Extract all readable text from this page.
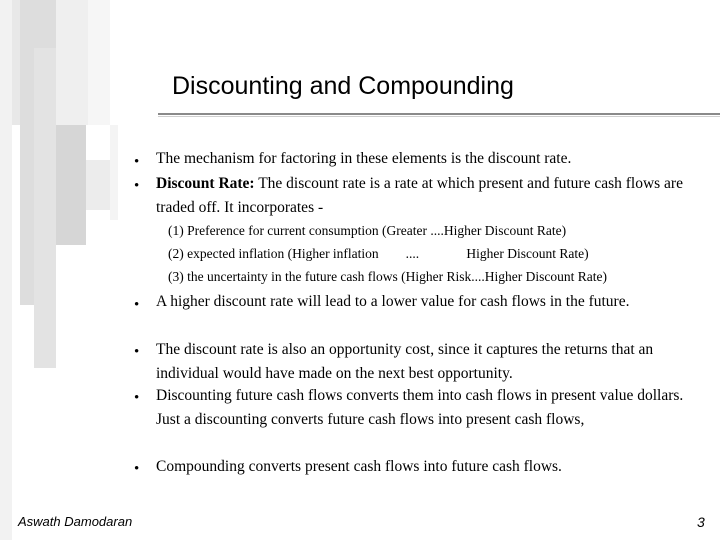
Discounting and Compounding
• The mechanism for factoring in these elements is the discount rate.
• Discount Rate: The discount rate is a rate at which present and future cash flows are traded off. It incorporates -
(1) Preference for current consumption (Greater ....Higher Discount Rate)
(2) expected inflation (Higher inflation        ....              Higher Discount Rate)
(3) the uncertainty in the future cash flows (Higher Risk....Higher Discount Rate)
• A higher discount rate will lead to a lower value for cash flows in the future.
• The discount rate is also an opportunity cost, since it captures the returns that an individual would have made on the next best opportunity.
• Discounting future cash flows converts them into cash flows in present value dollars. Just a discounting converts future cash flows into present cash flows,
• Compounding converts present cash flows into future cash flows.
Aswath Damodaran	3
